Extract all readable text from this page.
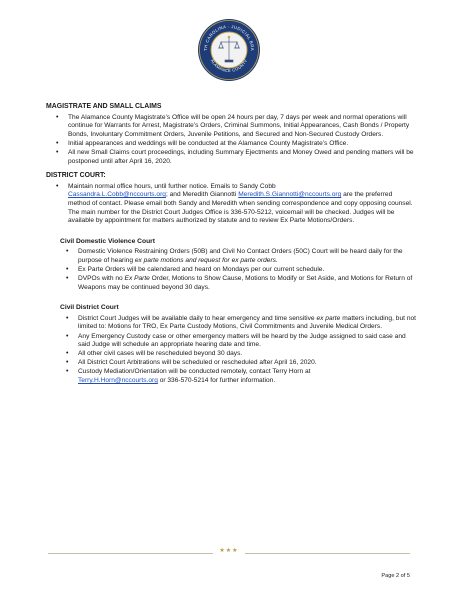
TH CAROLINA · JUDICIAL BRA
ALAMANCE COUNTY
MAGISTRATE AND SMALL CLAIMS
• The Alamance County Magistrate’s Office will be open 24 hours per day, 7 days per week and normal operations will continue for Warrants for Arrest, Magistrate’s Orders, Criminal Summons, Initial Appearances, Cash Bonds / Property Bonds, Involuntary Commitment Orders, Juvenile Petitions, and Secured and Non-Secured Custody Orders.
• Initial appearances and weddings will be conducted at the Alamance County Magistrate’s Office.
• All new Small Claims court proceedings, including Summary Ejectments and Money Owed and pending matters will be postponed until after April 16, 2020.
DISTRICT COURT:
• Maintain normal office hours, until further notice. Emails to Sandy Cobb
Cassandra.L.Cobb@nccourts.org; and Meredith Giannotti Meredith.S.Giannotti@nccourts.org are the preferred method of contact. Please email both Sandy and Meredith when sending correspondence and copy opposing counsel. The main number for the District Court Judges Office is 336-570-5212, voicemail will be checked. Judges will be available by appointment for matters authorized by statute and to review Ex Parte Motions/Orders.
Civil Domestic Violence Court
• Domestic Violence Restraining Orders (50B) and Civil No Contact Orders (50C) Court will be heard daily for the purpose of hearing ex parte motions and request for ex parte orders.
• Ex Parte Orders will be calendared and heard on Mondays per our current schedule.
• DVPOs with no Ex Parte Order, Motions to Show Cause, Motions to Modify or Set Aside, and Motions for Return of Weapons may be continued beyond 30 days.
Civil District Court
• District Court Judges will be available daily to hear emergency and time sensitive ex parte matters including, but not limited to: Motions for TRO, Ex Parte Custody Motions, Civil Commitments and Juvenile Medical Orders.
• Any Emergency Custody case or other emergency matters will be heard by the Judge assigned to said case and said Judge will schedule an appropriate hearing date and time.
• All other civil cases will be rescheduled beyond 30 days.
• All District Court Arbitrations will be scheduled or rescheduled after April 16, 2020.
• Custody Mediation/Orientation will be conducted remotely, contact Terry Horn at
Terry.H.Horn@nccourts.org or 336-570-5214 for further information.
★★★
Page 2 of 5
